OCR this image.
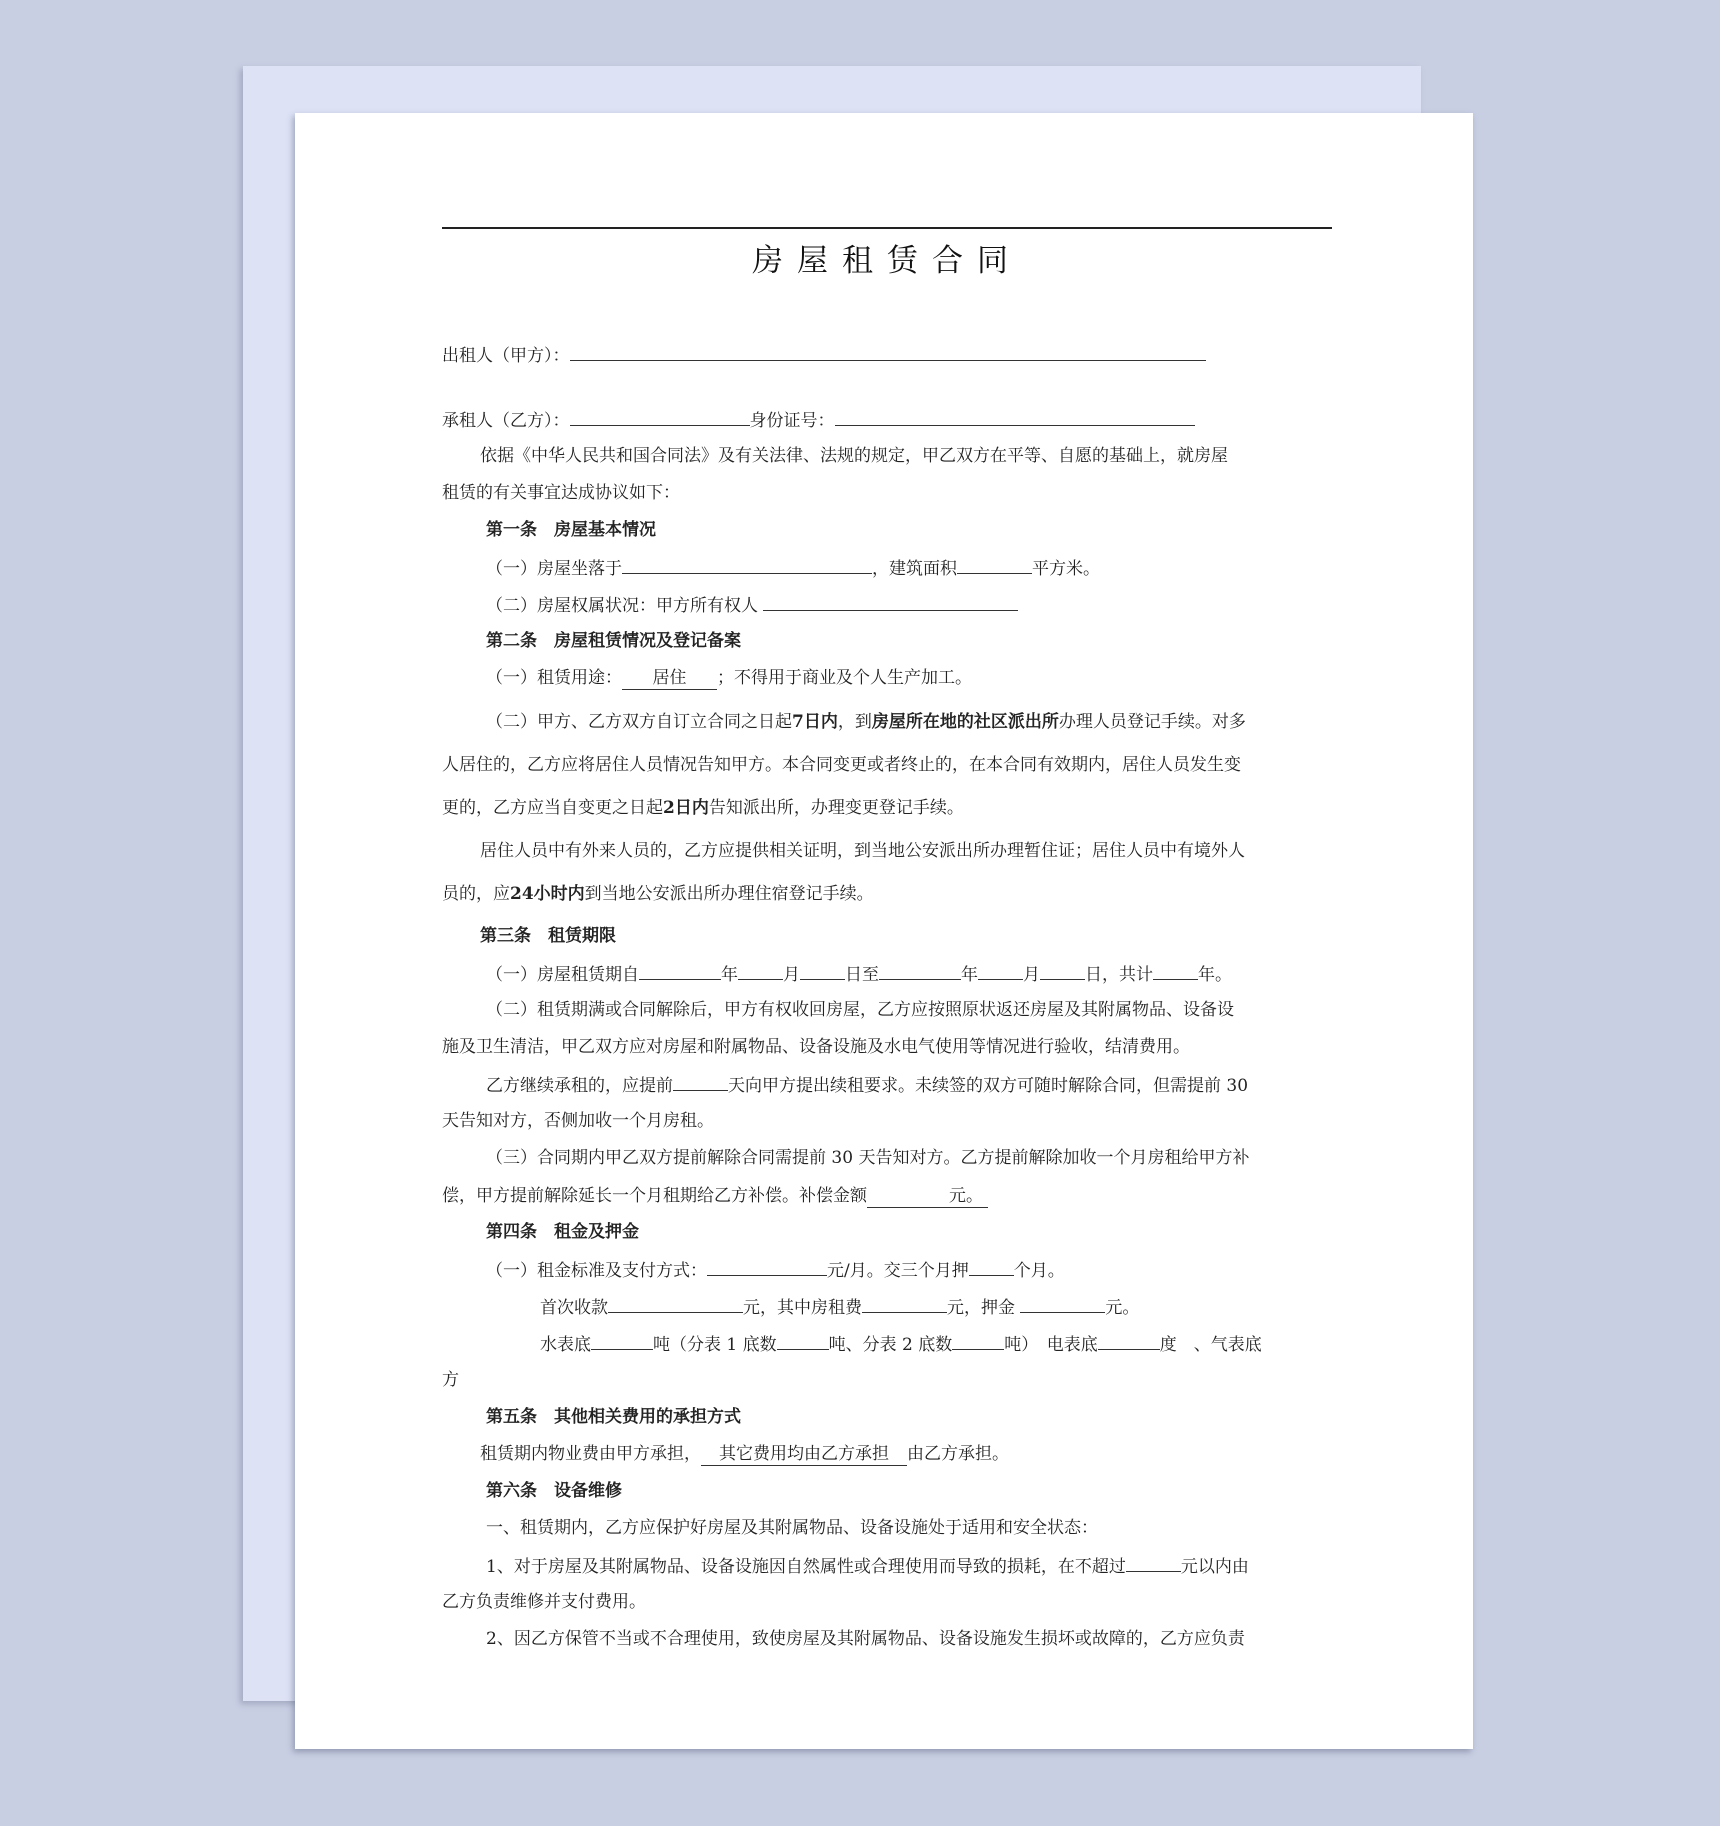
房屋租赁合同
出租人（甲方）：
承租人（乙方）：	身份证号：
依据《中华人民共和国合同法》及有关法律、法规的规定，甲乙双方在平等、自愿的基础上，就房屋
租赁的有关事宜达成协议如下：
第一条　房屋基本情况
（一）房屋坐落于	，建筑面积	平方米。
（二）房屋权属状况：甲方所有权人
第二条　房屋租赁情况及登记备案
（一）租赁用途： 居住 ；不得用于商业及个人生产加工。
（二）甲方、乙方双方自订立合同之日起7日内，到房屋所在地的社区派出所办理人员登记手续。对多
人居住的，乙方应将居住人员情况告知甲方。本合同变更或者终止的，在本合同有效期内，居住人员发生变
更的，乙方应当自变更之日起2日内告知派出所，办理变更登记手续。
居住人员中有外来人员的，乙方应提供相关证明，到当地公安派出所办理暂住证；居住人员中有境外人
员的，应24小时内到当地公安派出所办理住宿登记手续。
第三条　租赁期限
（一）房屋租赁期自	年	月	日至	年	月	日，共计	年。
（二）租赁期满或合同解除后，甲方有权收回房屋，乙方应按照原状返还房屋及其附属物品、设备设
施及卫生清洁，甲乙双方应对房屋和附属物品、设备设施及水电气使用等情况进行验收，结清费用。
乙方继续承租的，应提前	天向甲方提出续租要求。未续签的双方可随时解除合同，但需提前 30
天告知对方，否侧加收一个月房租。
（三）合同期内甲乙双方提前解除合同需提前 30 天告知对方。乙方提前解除加收一个月房租给甲方补
偿，甲方提前解除延长一个月租期给乙方补偿。补偿金额	元。
第四条　租金及押金
（一）租金标准及支付方式：	元/月。交三个月押	个月。
首次收款	元，其中房租费	元，押金	元。
水表底	吨（分表 1 底数	吨、分表 2 底数	吨）　电表底	度　、气表底
方
第五条　其他相关费用的承担方式
租赁期内物业费由甲方承担， 其它费用均由乙方承担 由乙方承担。
第六条　设备维修
一、租赁期内，乙方应保护好房屋及其附属物品、设备设施处于适用和安全状态：
1、对于房屋及其附属物品、设备设施因自然属性或合理使用而导致的损耗，在不超过	元以内由
乙方负责维修并支付费用。
2、因乙方保管不当或不合理使用，致使房屋及其附属物品、设备设施发生损坏或故障的，乙方应负责
